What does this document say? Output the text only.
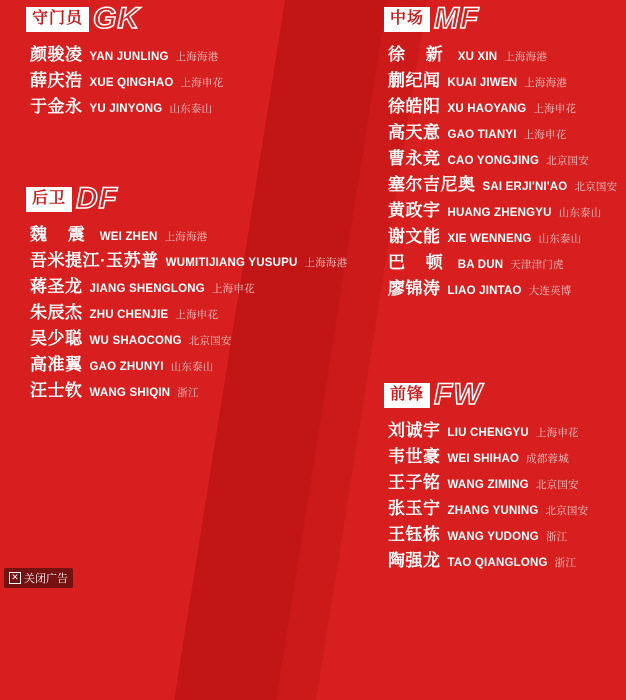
守门员 GK
颜骏凌 YAN JUNLING 上海海港
薛庆浩 XUE QINGHAO 上海申花
于金永 YU JINYONG 山东泰山
后卫 DF
魏 震 WEI ZHEN 上海海港
吾米提江·玉苏普 WUMITIJIANG YUSUPU 上海海港
蒋圣龙 JIANG SHENGLONG 上海申花
朱辰杰 ZHU CHENJIE 上海申花
吴少聪 WU SHAOCONG 北京国安
高准翼 GAO ZHUNYI 山东泰山
汪士钦 WANG SHIQIN 浙江
中场 MF
徐 新 XU XIN 上海海港
蒯纪闻 KUAI JIWEN 上海海港
徐皓阳 XU HAOYANG 上海申花
高天意 GAO TIANYI 上海申花
曹永竞 CAO YONGJING 北京国安
塞尔吉尼奥 SAI ERJI'NI'AO 北京国安
黄政宇 HUANG ZHENGYU 山东泰山
谢文能 XIE WENNENG 山东泰山
巴 顿 BA DUN 天津津门虎
廖锦涛 LIAO JINTAO 大连英博
前锋 FW
刘诚宇 LIU CHENGYU 上海申花
韦世豪 WEI SHIHAO 成都蓉城
王子铭 WANG ZIMING 北京国安
张玉宁 ZHANG YUNING 北京国安
王钰栋 WANG YUDONG 浙江
陶强龙 TAO QIANGLONG 浙江
✕ 关闭广告
